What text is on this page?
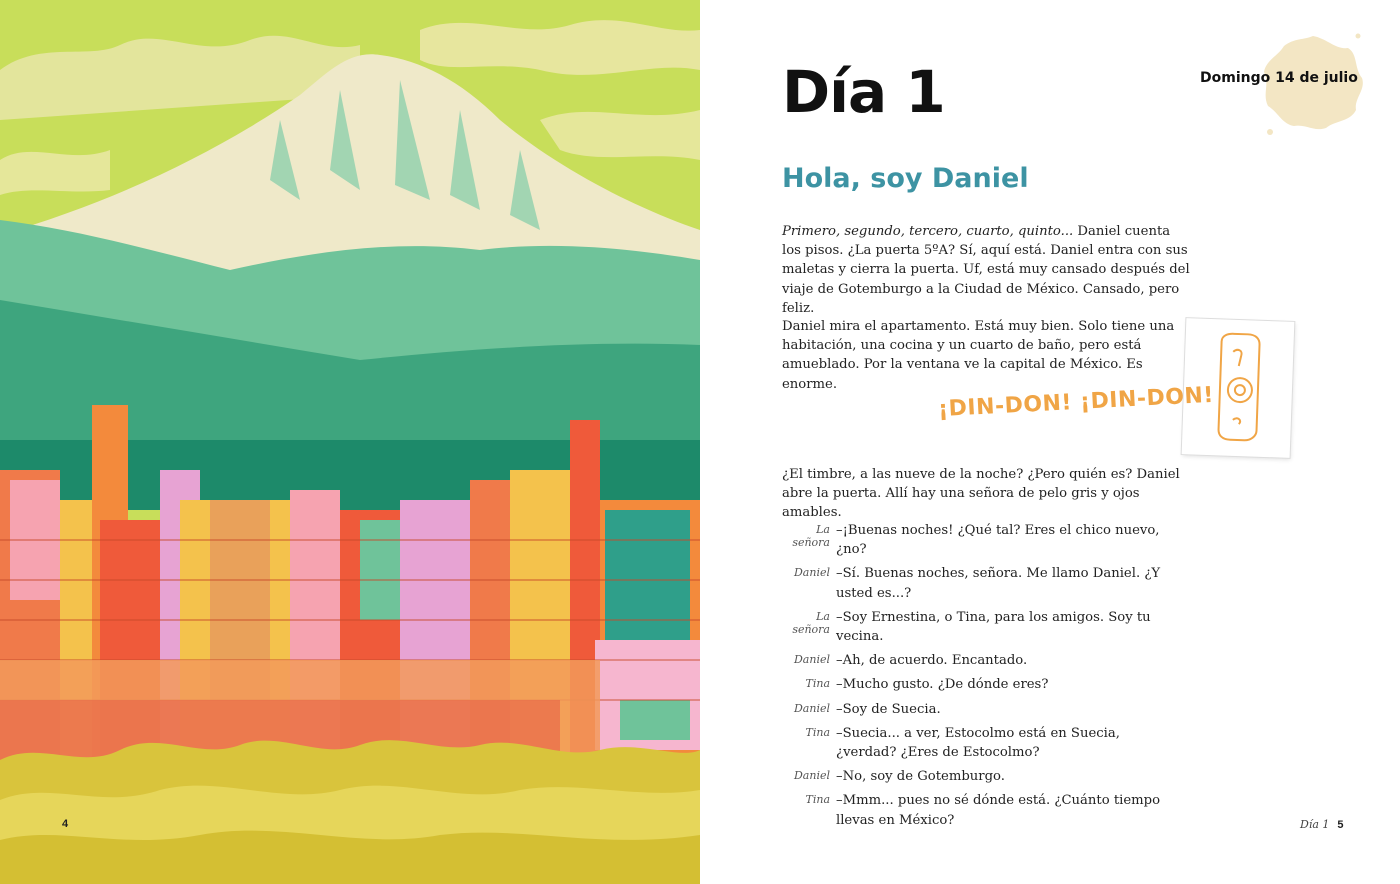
4
Domingo 14 de julio
Día 1
Hola, soy Daniel
Primero, segundo, tercero, cuarto, quinto... Daniel cuenta los pisos. ¿La puerta 5ºA? Sí, aquí está. Daniel entra con sus maletas y cierra la puerta. Uf, está muy cansado después del viaje de Gotemburgo a la Ciudad de México. Cansado, pero feliz.
Daniel mira el apartamento. Está muy bien. Solo tiene una habitación, una cocina y un cuarto de baño, pero está amueblado. Por la ventana ve la capital de México. Es enorme.	¡DIN-DON! ¡DIN-DON!
¿El timbre, a las nueve de la noche? ¿Pero quién es? Daniel abre la puerta. Allí hay una señora de pelo gris y ojos amables.
La señora
–¡Buenas noches! ¿Qué tal? Eres el chico nuevo, ¿no?
Daniel –Sí. Buenas noches, señora. Me llamo Daniel. ¿Y usted es...?
La señora
–Soy Ernestina, o Tina, para los amigos. Soy tu vecina.
Daniel –Ah, de acuerdo. Encantado.
Tina –Mucho gusto. ¿De dónde eres?
Daniel –Soy de Suecia.
Tina –Suecia... a ver, Estocolmo está en Suecia, ¿verdad? ¿Eres de Estocolmo?
Daniel –No, soy de Gotemburgo.
Tina –Mmm... pues no sé dónde está. ¿Cuánto tiempo llevas en México?	Día 1 5
